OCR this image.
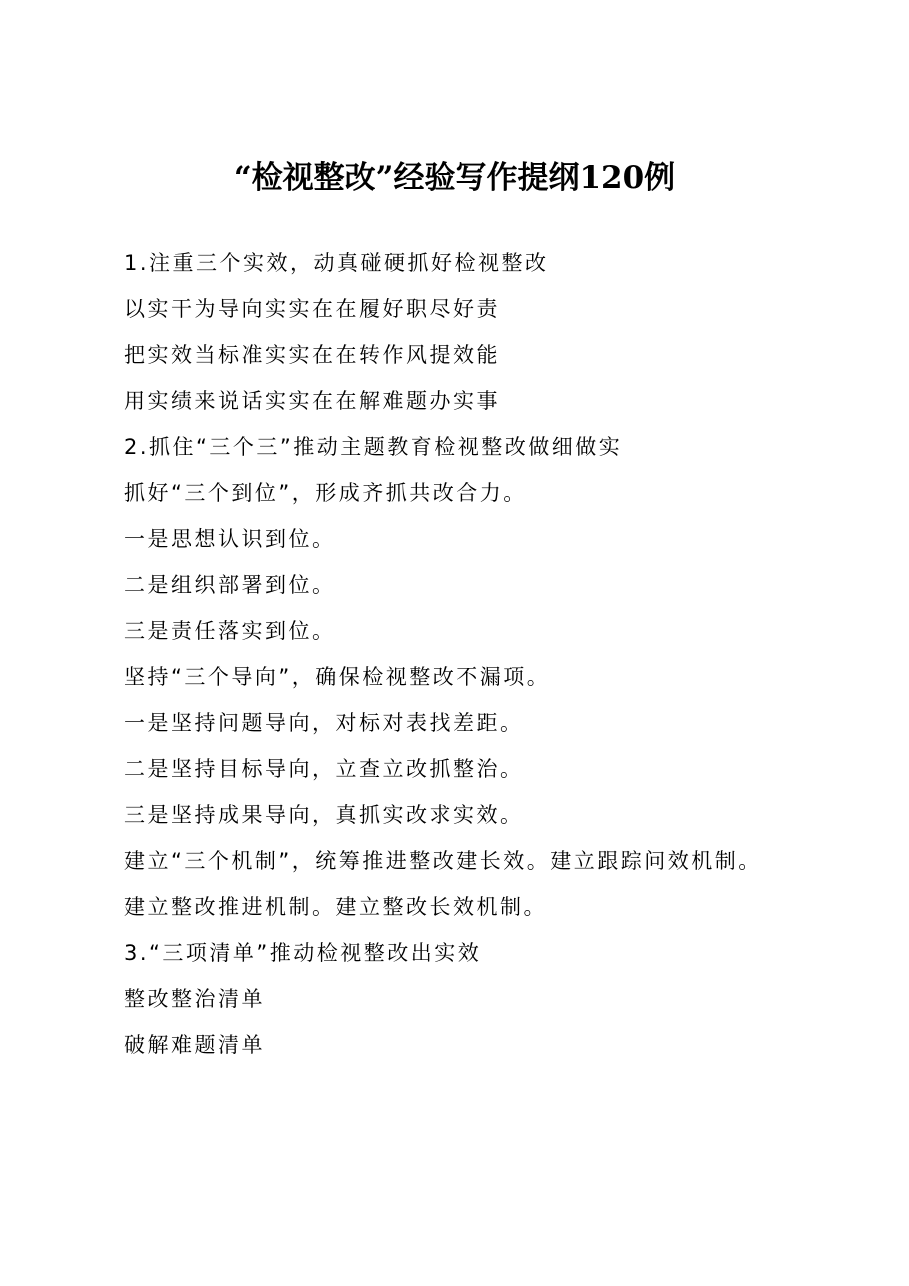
“检视整改”经验写作提纲120例
1.注重三个实效，动真碰硬抓好检视整改
以实干为导向实实在在履好职尽好责
把实效当标准实实在在转作风提效能
用实绩来说话实实在在解难题办实事
2.抓住“三个三”推动主题教育检视整改做细做实
抓好“三个到位”，形成齐抓共改合力。
一是思想认识到位。
二是组织部署到位。
三是责任落实到位。
坚持“三个导向”，确保检视整改不漏项。
一是坚持问题导向，对标对表找差距。
二是坚持目标导向，立查立改抓整治。
三是坚持成果导向，真抓实改求实效。
建立“三个机制”，统筹推进整改建长效。建立跟踪问效机制。
建立整改推进机制。建立整改长效机制。
3.“三项清单”推动检视整改出实效
整改整治清单
破解难题清单
